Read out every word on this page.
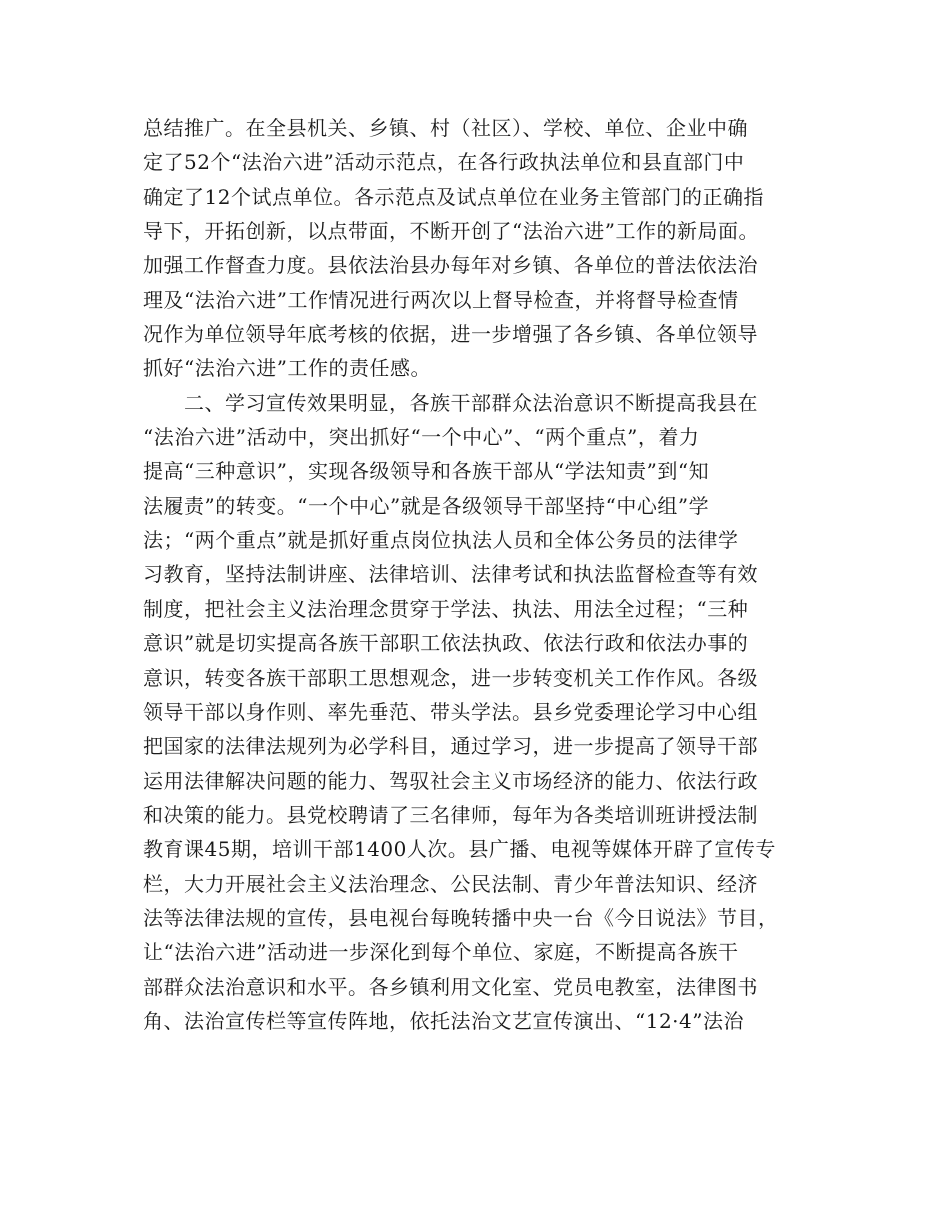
总结推广。在全县机关、乡镇、村（社区）、学校、单位、企业中确
定了52个“法治六进”活动示范点，在各行政执法单位和县直部门中
确定了12个试点单位。各示范点及试点单位在业务主管部门的正确指
导下，开拓创新，以点带面，不断开创了“法治六进”工作的新局面。
加强工作督查力度。县依法治县办每年对乡镇、各单位的普法依法治
理及“法治六进”工作情况进行两次以上督导检查，并将督导检查情
况作为单位领导年底考核的依据，进一步增强了各乡镇、各单位领导
抓好“法治六进”工作的责任感。
二、学习宣传效果明显，各族干部群众法治意识不断提高我县在
“法治六进”活动中，突出抓好“一个中心”、“两个重点”，着力
提高“三种意识”，实现各级领导和各族干部从“学法知责”到“知
法履责”的转变。“一个中心”就是各级领导干部坚持“中心组”学
法；“两个重点”就是抓好重点岗位执法人员和全体公务员的法律学
习教育，坚持法制讲座、法律培训、法律考试和执法监督检查等有效
制度，把社会主义法治理念贯穿于学法、执法、用法全过程；“三种
意识”就是切实提高各族干部职工依法执政、依法行政和依法办事的
意识，转变各族干部职工思想观念，进一步转变机关工作作风。各级
领导干部以身作则、率先垂范、带头学法。县乡党委理论学习中心组
把国家的法律法规列为必学科目，通过学习，进一步提高了领导干部
运用法律解决问题的能力、驾驭社会主义市场经济的能力、依法行政
和决策的能力。县党校聘请了三名律师，每年为各类培训班讲授法制
教育课45期，培训干部1400人次。县广播、电视等媒体开辟了宣传专
栏，大力开展社会主义法治理念、公民法制、青少年普法知识、经济
法等法律法规的宣传，县电视台每晚转播中央一台《今日说法》节目，
让“法治六进”活动进一步深化到每个单位、家庭，不断提高各族干
部群众法治意识和水平。各乡镇利用文化室、党员电教室，法律图书
角、法治宣传栏等宣传阵地，依托法治文艺宣传演出、“12·4”法治
